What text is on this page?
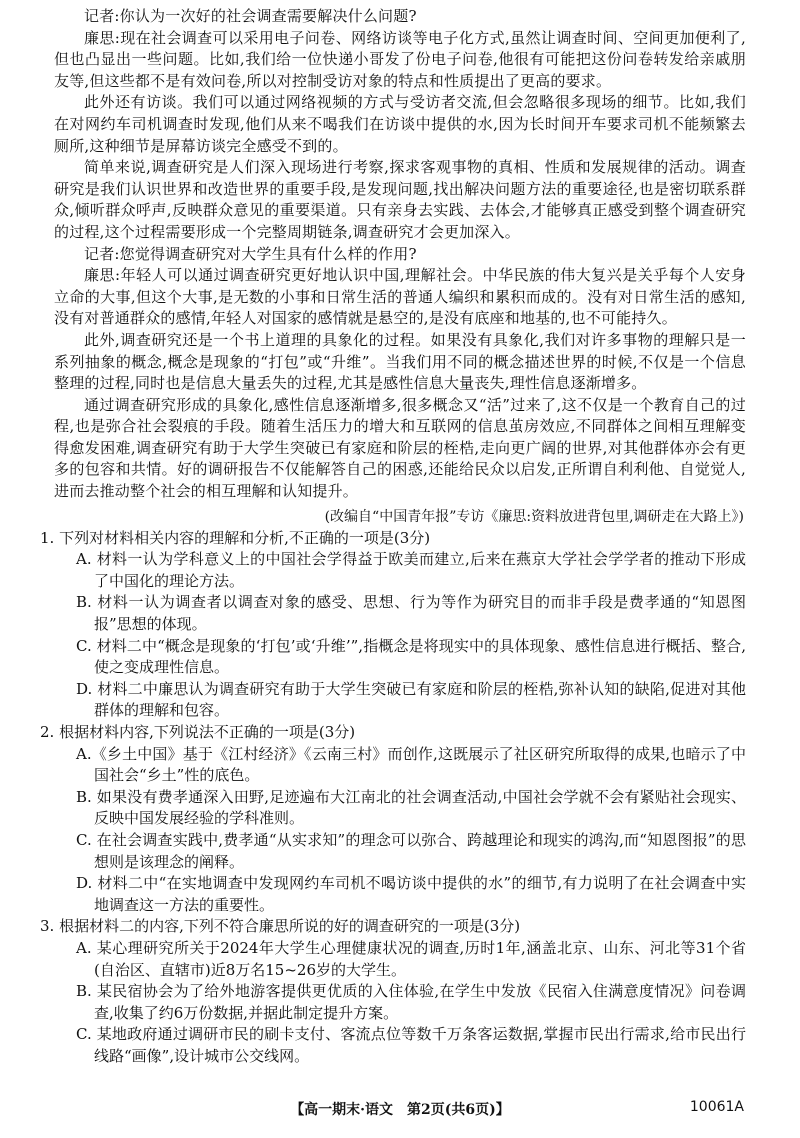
记者:你认为一次好的社会调查需要解决什么问题?

廉思:现在社会调查可以采用电子问卷、网络访谈等电子化方式,虽然让调查时间、空间更加便利了,但也凸显出一些问题。比如,我们给一位快递小哥发了份电子问卷,他很有可能把这份问卷转发给亲戚朋友等,但这些都不是有效问卷,所以对控制受访对象的特点和性质提出了更高的要求。

此外还有访谈。我们可以通过网络视频的方式与受访者交流,但会忽略很多现场的细节。比如,我们在对网约车司机调查时发现,他们从来不喝我们在访谈中提供的水,因为长时间开车要求司机不能频繁去厕所,这种细节是屏幕访谈完全感受不到的。

简单来说,调查研究是人们深入现场进行考察,探求客观事物的真相、性质和发展规律的活动。调查研究是我们认识世界和改造世界的重要手段,是发现问题,找出解决问题方法的重要途径,也是密切联系群众,倾听群众呼声,反映群众意见的重要渠道。只有亲身去实践、去体会,才能够真正感受到整个调查研究的过程,这个过程需要形成一个完整周期链条,调查研究才会更加深入。

记者:您觉得调查研究对大学生具有什么样的作用?

廉思:年轻人可以通过调查研究更好地认识中国,理解社会。中华民族的伟大复兴是关乎每个人安身立命的大事,但这个大事,是无数的小事和日常生活的普通人编织和累积而成的。没有对日常生活的感知,没有对普通群众的感情,年轻人对国家的感情就是悬空的,是没有底座和地基的,也不可能持久。

此外,调查研究还是一个书上道理的具象化的过程。如果没有具象化,我们对许多事物的理解只是一系列抽象的概念,概念是现象的“打包”或“升维”。当我们用不同的概念描述世界的时候,不仅是一个信息整理的过程,同时也是信息大量丢失的过程,尤其是感性信息大量丧失,理性信息逐渐增多。

通过调查研究形成的具象化,感性信息逐渐增多,很多概念又“活”过来了,这不仅是一个教育自己的过程,也是弥合社会裂痕的手段。随着生活压力的增大和互联网的信息茧房效应,不同群体之间相互理解变得愈发困难,调查研究有助于大学生突破已有家庭和阶层的桎梏,走向更广阔的世界,对其他群体亦会有更多的包容和共情。好的调研报告不仅能解答自己的困惑,还能给民众以启发,正所谓自利利他、自觉觉人,进而去推动整个社会的相互理解和认知提升。

(改编自“中国青年报”专访《廉思:资料放进背包里,调研走在大路上》)

1. 下列对材料相关内容的理解和分析,不正确的一项是(3分)

A. 材料一认为学科意义上的中国社会学得益于欧美而建立,后来在燕京大学社会学学者的推动下形成了中国化的理论方法。

B. 材料一认为调查者以调查对象的感受、思想、行为等作为研究目的而非手段是费孝通的“知恩图报”思想的体现。

C. 材料二中“概念是现象的‘打包’或‘升维’”,指概念是将现实中的具体现象、感性信息进行概括、整合,使之变成理性信息。

D. 材料二中廉思认为调查研究有助于大学生突破已有家庭和阶层的桎梏,弥补认知的缺陷,促进对其他群体的理解和包容。

2. 根据材料内容,下列说法不正确的一项是(3分)

A.《乡土中国》基于《江村经济》《云南三村》而创作,这既展示了社区研究所取得的成果,也暗示了中国社会“乡土”性的底色。

B. 如果没有费孝通深入田野,足迹遍布大江南北的社会调查活动,中国社会学就不会有紧贴社会现实、反映中国发展经验的学科准则。

C. 在社会调查实践中,费孝通“从实求知”的理念可以弥合、跨越理论和现实的鸿沟,而“知恩图报”的思想则是该理念的阐释。

D. 材料二中“在实地调查中发现网约车司机不喝访谈中提供的水”的细节,有力说明了在社会调查中实地调查这一方法的重要性。

3. 根据材料二的内容,下列不符合廉思所说的好的调查研究的一项是(3分)

A. 某心理研究所关于2024年大学生心理健康状况的调查,历时1年,涵盖北京、山东、河北等31个省(自治区、直辖市)近8万名15~26岁的大学生。

B. 某民宿协会为了给外地游客提供更优质的入住体验,在学生中发放《民宿入住满意度情况》问卷调查,收集了约6万份数据,并据此制定提升方案。

C. 某地政府通过调研市民的刷卡支付、客流点位等数千万条客运数据,掌握市民出行需求,给市民出行线路“画像”,设计城市公交线网。

【高一期末·语文　第2页(共6页)】	10061A
